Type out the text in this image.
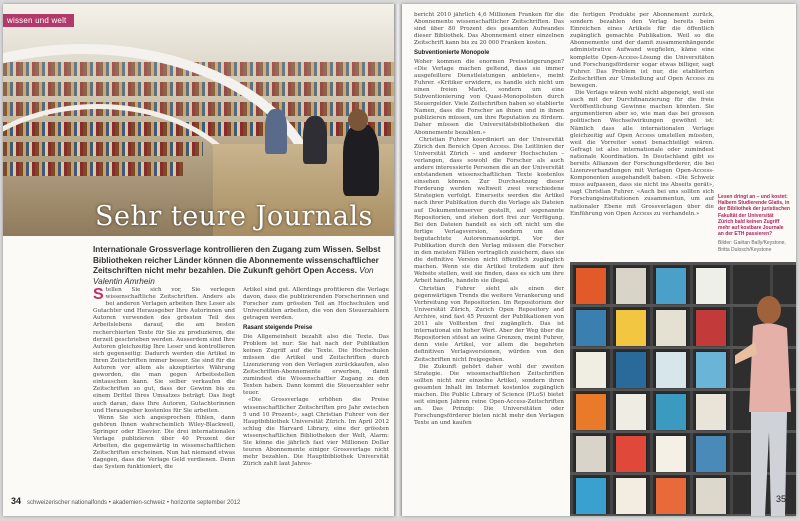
wissen und welt
Sehr teure Journals
Internationale Grossverlage kontrollieren den Zugang zum Wissen. Selbst Bibliotheken reicher Länder können die Abonnemente wissenschaftlicher Zeitschriften nicht mehr bezahlen. Die Zukunft gehört Open Access. Von Valentin Amrhein

Stellen Sie sich vor, Sie verlegen wissenschaftliche Zeitschriften. Anders als bei anderen Verlagen arbeiten Ihre Leser als Gutachter und Herausgeber Ihre Autorinnen und Autoren verwenden des grössten Teil des Arbeitslebens darauf, die am besten recherchierten Texte für Sie zu produzieren, die derzeit geschrieben werden. Ausserdem sind Ihre Autoren gleichzeitig Ihre Leser und kontrollieren sich gegenseitig: Dadurch werden die Artikel in Ihren Zeitschriften immer besser. Sie sind für die Autoren vor allem als akzeptiertes Währung geworden, die man gegen Arbeitsstellen eintauschen kann. Sie selber verkaufen die Zeitschriften so gut, dass der Gewinn bis zu einem Drittel Ihres Umsatzes beträgt. Das liegt auch daran, dass Ihre Autoren, Gutachterinnen und Herausgeber kostenlos für Sie arbeiten.

Wenn Sie sich angesprochen fühlen, dann gehören Ihnen wahrscheinlich Wiley-Blackwell, Springer oder Elsevier. Die drei internationalen Verlage publizieren über 40 Prozent der Arbeiten, die gegenwärtig in wissenschaftlichen Zeitschriften erscheinen. Nun hat niemand etwas dagegen, dass die Verlage Geld verdienen. Denn das System funktioniert, die

Artikel sind gut. Allerdings profitieren die Verlage davon, dass die publizierenden Forscherinnen und Forscher zum grössten Teil an Hochschulen und Universitäten arbeiten, die von den Steuerzahlern getragen werden.

Rasant steigende Preise

Die Allgemeinheit bezahlt also die Texte. Das Problem ist nur: Sie hat nach der Publikation keinen Zugriff auf die Texte. Die Hochschulen müssen die Artikel und Zeitschriften durch Lizenzierung von den Verlagen zurückkaufen, also Zeitschriften-Abonnemente erwerben, damit zumindest die Wissenschaftler Zugang zu den Texten haben. Dann kommt die Steuerzahler sehr teuer.

«Die Grossverlage erhöhen die Preise wissenschaftlicher Zeitschriften pro Jahr zwischen 5 und 10 Prozent», sagt Christian Fuhrer von der Hauptbibliothek Universität Zürich. Im April 2012 schlug die Harvard Library, eine der grössten wissenschaftlichen Bibliotheken der Welt, Alarm: Sie könne die jährlich fast vier Millionen Dollar teuren Abonnemente einiger Grossverlage nicht mehr bezahlen. Die Hauptbibliothek Universität Zürich zahlt laut Jahres-

34 schweizerischer nationalfonds • akademien-schweiz • horizonte september 2012

bericht 2010 jährlich 4,6 Millionen Franken für die Abonnemente wissenschaftlicher Zeitschriften. Das sind über 80 Prozent des gesamten Aufwandes dieser Bibliothek. Das Abonnement einer einzelnen Zeitschrift kann bis zu 20 000 Franken kosten.

Subventionierte Monopole

Woher kommen die enormen Preissteigerungen? «Die Verlage machen geltend, dass sie immer ausgefeiltere Dienstleistungen anbieten», meint Fuhrer. «Kritiker erwidern, es handle sich nicht um einen freien Markt, sondern um eine Subventionierung von Quasi-Monopolisten durch Steuergelder. Viele Zeitschriften haben so etablierte Namen, dass die Forscher an ihnen und in ihnen publizieren müssen, um ihre Reputation zu fördern. Daher müssen die Universitätsbibliotheken die Abonnemente bezahlen.»

Christian Fuhrer koordiniert an der Universität Zürich den Bereich Open Access. Die Leitlinien der Universität Zürich – und anderer Hochschulen – verlangen, dass sowohl die Forscher als auch andere interessierte Personen die an der Universität entstandenen wissenschaftlichen Texte kostenlos einsehen können. Zur Durchsetzung dieser Forderung werden weltweit zwei verschiedene Strategien verfolgt. Einerseits werden die Artikel nach ihrer Publikation durch die Verlage als Dateien auf Dokumentenserver gestellt, auf sogenannte Repositorien, und stehen dort frei zur Verfügung. Bei den Dateien handelt es sich oft nicht um die fertige Verlagsversion, sondern um das begutachtete Autorenmanuskript. Vor der Publikation durch den Verlag müssen die Forscher in den meisten Fällen vertraglich zusichern, dass sie die definitive Version nicht öffentlich zugänglich machen. Wenn sie die Artikel trotzdem auf ihre Website stellen, weil sie finden, dass es sich um ihre Arbeit handle, handeln sie illegal.

Christian Fuhrer sieht als einen der gegenwärtigen Trends die weitere Verankerung und Verbreitung von Repositorien. Im Repositorium der Universität Zürich, Zurich Open Repository and Archive, sind fast 45 Prozent der Publikationen von 2011 als Volltexten frei zugänglich. Das ist international ein hoher Wert. Aber der Weg über die Repositorien stösst an seine Grenzen, meint Fuhrer, denn viele Artikel, vor allem die begehrten definitiven Verlagsversionen, würden von den Zeitschriften nicht freigegeben.

Die Zukunft gehört daher wohl der zweiten Strategie. Die wissenschaftlichen Zeitschriften sollten nicht nur einzelne Artikel, sondern ihren gesamten Inhalt im Internet kostenlos zugänglich machen. Die Public Library of Science (PLoS) bietet seit einigen Jahren reine Open-Access-Zeitschriften an. Das Prinzip: Die Universitäten oder Forschungsförderer bieten nicht mehr den Verlagen Texte an und kaufen

die fertigen Produkte per Abonnement zurück, sondern bezahlen den Verlag bereits beim Einreichen eines Artikels für die öffentlich zugänglich gemachte Publikation. Weil so die Abonnemente und der damit zusammenhängende administrative Aufwand wegfielen, käme eine komplette Open-Access-Lösung die Universitäten und Forschungsförderer sogar etwas billiger, sagt Fuhrer. Das Problem ist nur, die etablierten Zeitschriften zur Umstellung auf Open Access zu bewegen.

Die Verlage wären wohl nicht abgeneigt, weil sie auch mit der Durchfinanzierung für die freie Veröffentlichung Gewinne machen könnten. Sie argumentieren aber so, wie man das bei grossen politischen Wechselwirkungen gewöhnt ist: Nämlich dass alle internationalen Verlage gleichzeitig auf Open Access umstellen müssten, weil die Vorreiter sonst benachteiligt wären. Gefragt ist also internationale oder zumindest nationale Koordination. In Deutschland gibt es bereits Allianzen der Forschungsförderer, die bei Lizenzverhandlungen mit Verlagen Open-Access-Komponenten ausgehandelt haben. «Die Schweiz muss aufpassen, dass sie nicht ins Abseits gerät», sagt Christian Fuhrer. «Auch bei uns sollten sich Forschungsinstitutionen zusammentun, um auf nationaler Ebene mit Grossverlagen über die Einführung von Open Access zu verhandeln.»

Lesen dringt an – und kostet: Halbern Studierende Glatis, in der Bibliothek der juristischen Fakultät der Universität Zürich bald keinen Zugriff mehr auf kostbare Journale an der ETH passieren?
Bilder: Gaëtan Bally/Keystone, Britta Dulosch/Keystone
35
